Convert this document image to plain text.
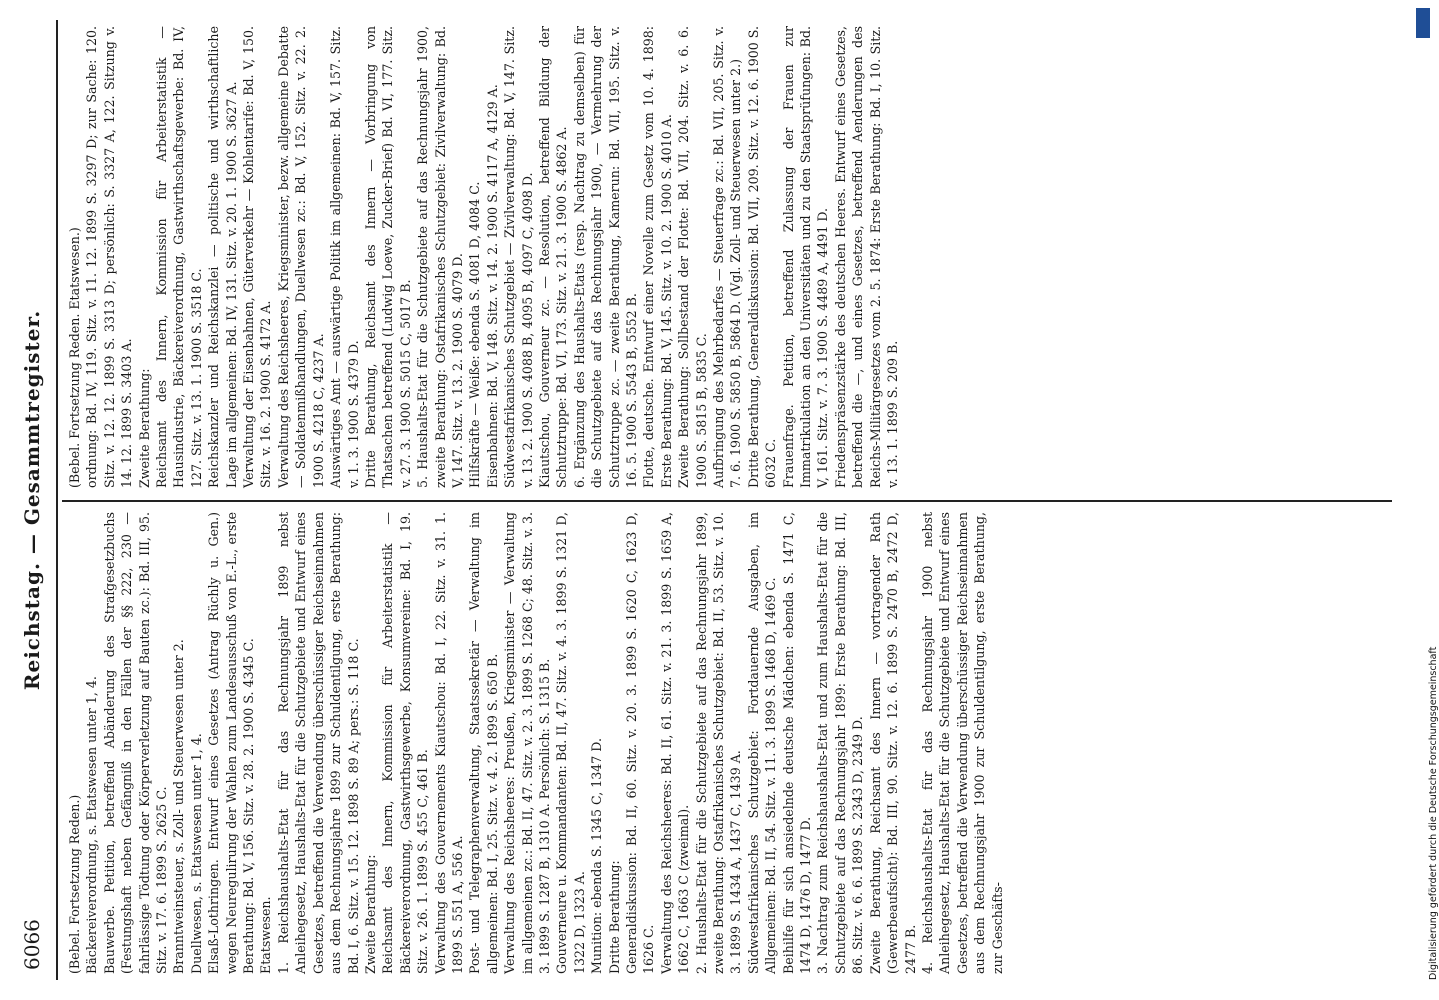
6066
Reichstag. — Gesammtregister.

(Bebel. Fortsetzung Reden.) Bäckereiverordnung, s. Etatswesen unter 1, 4. Bauwerbe. Petition, betreffend Abänderung des Strafgesetzbuchs (Festungshaft neben Gefängniß in den Fällen der §§ 222, 230 — fahrlässige Tödtung oder Körperverletzung auf Bauten zc.): Bd. III, 95. Sitz. v. 17. 6. 1899 S. 2625 C. Branntweinsteuer, s. Zoll- und Steuerwesen unter 2. Duellwesen, s. Etatswesen unter 1, 4. Elsaß-Lothringen. Entwurf eines Gesetzes (Antrag Rüchly u. Gen.) wegen Neuregulirung der Wahlen zum Landesausschuß von E.-L., erste Berathung: Bd. V, 156. Sitz. v. 28. 2. 1900 S. 4345 C. Etatswesen. 1. Reichshaushalts-Etat für das Rechnungsjahr 1899 nebst Anleihegesetz, Haushalts-Etat für die Schutzgebiete und Entwurf eines Gesetzes, betreffend die Verwendung überschüssiger Reichseinnahmen aus dem Rechnungsjahre 1899 zur Schuldentilgung, erste Berathung: Bd. I, 6. Sitz. v. 15. 12. 1898 S. 89 A; pers.: S. 118 C. Zweite Berathung: Reichsamt des Innern, Kommission für Arbeiterstatistik — Bäckereiverordnung, Gastwirthsgewerbe, Konsumvereine: Bd. I, 19. Sitz. v. 26. 1. 1899 S. 455 C, 461 B. Verwaltung des Gouvernements Kiautschou: Bd. I, 22. Sitz. v. 31. 1. 1899 S. 551 A, 556 A. Post- und Telegraphenverwaltung, Staatssekretär — Verwaltung im allgemeinen: Bd. I, 25. Sitz. v. 4. 2. 1899 S. 650 B. Verwaltung des Reichsheeres: Preußen, Kriegsminister — Verwaltung im allgemeinen zc.: Bd. II, 47. Sitz. v. 2. 3. 1899 S. 1268 C; 48. Sitz. v. 3. 3. 1899 S. 1287 B, 1310 A. Persönlich: S. 1315 B. Gouverneure u. Kommandanten: Bd. II, 47. Sitz. v. 4. 3. 1899 S. 1321 D, 1322 D, 1323 A. Munition: ebenda S. 1345 C, 1347 D. Dritte Berathung: Generaldiskussion: Bd. II, 60. Sitz. v. 20. 3. 1899 S. 1620 C, 1623 D, 1626 C. Verwaltung des Reichsheeres: Bd. II, 61. Sitz. v. 21. 3. 1899 S. 1659 A, 1662 C, 1663 C (zweimal). 2. Haushalts-Etat für die Schutzgebiete auf das Rechnungsjahr 1899, zweite Berathung: Ostafrikanisches Schutzgebiet: Bd. II, 53. Sitz. v. 10. 3. 1899 S. 1434 A, 1437 C, 1439 A. Südwestafrikanisches Schutzgebiet: Fortdauernde Ausgaben, im Allgemeinen: Bd. II, 54. Sitz. v. 11. 3. 1899 S. 1468 D, 1469 C. Beihilfe für sich ansiedelnde deutsche Mädchen: ebenda S. 1471 C, 1474 D, 1476 D, 1477 D. 3. Nachtrag zum Reichshaushalts-Etat und zum Haushalts-Etat für die Schutzgebiete auf das Rechnungsjahr 1899: Erste Berathung: Bd. III, 86. Sitz. v. 6. 6. 1899 S. 2343 D, 2349 D. Zweite Berathung, Reichsamt des Innern — vortragender Rath (Gewerbeaufsicht): Bd. III, 90. Sitz. v. 12. 6. 1899 S. 2470 B, 2472 D, 2477 B. 4. Reichshaushalts-Etat für das Rechnungsjahr 1900 nebst Anleihegesetz, Haushalts-Etat für die Schutzgebiete und Entwurf eines Gesetzes, betreffend die Verwendung überschüssiger Reichseinnahmen aus dem Rechnungsjahr 1900 zur Schuldentilgung, erste Berathung, zur Geschäfts-

(Bebel. Fortsetzung Reden. Etatswesen.) ordnung: Bd. IV, 119. Sitz. v. 11. 12. 1899 S. 3297 D; zur Sache: 120. Sitz. v. 12. 12. 1899 S. 3313 D; persönlich: S. 3327 A, 122. Sitzung v. 14. 12. 1899 S. 3403 A. Zweite Berathung: Reichsamt des Innern, Kommission für Arbeiterstatistik — Hausindustrie, Bäckereiverordnung, Gastwirthschaftsgewerbe: Bd. IV, 127. Sitz. v. 13. 1. 1900 S. 3518 C. Reichskanzler und Reichskanzlei — politische und wirthschaftliche Lage im allgemeinen: Bd. IV, 131. Sitz. v. 20. 1. 1900 S. 3627 A. Verwaltung der Eisenbahnen, Güterverkehr — Kohlentarife: Bd. V, 150. Sitz. v. 16. 2. 1900 S. 4172 A. Verwaltung des Reichsheeres, Kriegsminister, bezw. allgemeine Debatte — Soldatenmißhandlungen, Duellwesen zc.: Bd. V, 152. Sitz. v. 22. 2. 1900 S. 4218 C, 4237 A. Auswärtiges Amt — auswärtige Politik im allgemeinen: Bd. V, 157. Sitz. v. 1. 3. 1900 S. 4379 D. Dritte Berathung, Reichsamt des Innern — Vorbringung von Thatsachen betreffend (Ludwig Loewe, Zucker-Brief) Bd. VI, 177. Sitz. v. 27. 3. 1900 S. 5015 C, 5017 B. 5. Haushalts-Etat für die Schutzgebiete auf das Rechnungsjahr 1900, zweite Berathung: Ostafrikanisches Schutzgebiet: Zivilverwaltung: Bd. V, 147. Sitz. v. 13. 2. 1900 S. 4079 D. Hilfskräfte — Weiße: ebenda S. 4081 D, 4084 C. Eisenbahnen: Bd. V, 148. Sitz. v. 14. 2. 1900 S. 4117 A, 4129 A. Südwestafrikanisches Schutzgebiet — Zivilverwaltung: Bd. V, 147. Sitz. v. 13. 2. 1900 S. 4088 B, 4095 B, 4097 C, 4098 D. Kiautschou, Gouverneur zc. — Resolution, betreffend Bildung der Schutztruppe: Bd. VI, 173. Sitz. v. 21. 3. 1900 S. 4862 A. 6. Ergänzung des Haushalts-Etats (resp. Nachtrag zu demselben) für die Schutzgebiete auf das Rechnungsjahr 1900, — Vermehrung der Schutztruppe zc. — zweite Berathung, Kamerun: Bd. VII, 195. Sitz. v. 16. 5. 1900 S. 5543 B, 5552 B. Flotte, deutsche. Entwurf einer Novelle zum Gesetz vom 10. 4. 1898: Erste Berathung: Bd. V, 145. Sitz. v. 10. 2. 1900 S. 4010 A. Zweite Berathung: Sollbestand der Flotte: Bd. VII, 204. Sitz. v. 6. 6. 1900 S. 5815 B, 5835 C. Aufbringung des Mehrbedarfes — Steuerfrage zc.: Bd. VII, 205. Sitz. v. 7. 6. 1900 S. 5850 B, 5864 D. (Vgl. Zoll- und Steuerwesen unter 2.) Dritte Berathung, Generaldiskussion: Bd. VII, 209. Sitz. v. 12. 6. 1900 S. 6032 C. Frauenfrage. Petition, betreffend Zulassung der Frauen zur Immatrikulation an den Universitäten und zu den Staatsprüfungen: Bd. V, 161. Sitz. v. 7. 3. 1900 S. 4489 A, 4491 D. Friedenspräsenzstärke des deutschen Heeres. Entwurf eines Gesetzes, betreffend die —, und eines Gesetzes, betreffend Aenderungen des Reichs-Militärgesetzes vom 2. 5. 1874: Erste Berathung: Bd. I, 10. Sitz. v. 13. 1. 1899 S. 209 B.

Digitalisierung gefördert durch die Deutsche Forschungsgemeinschaft
